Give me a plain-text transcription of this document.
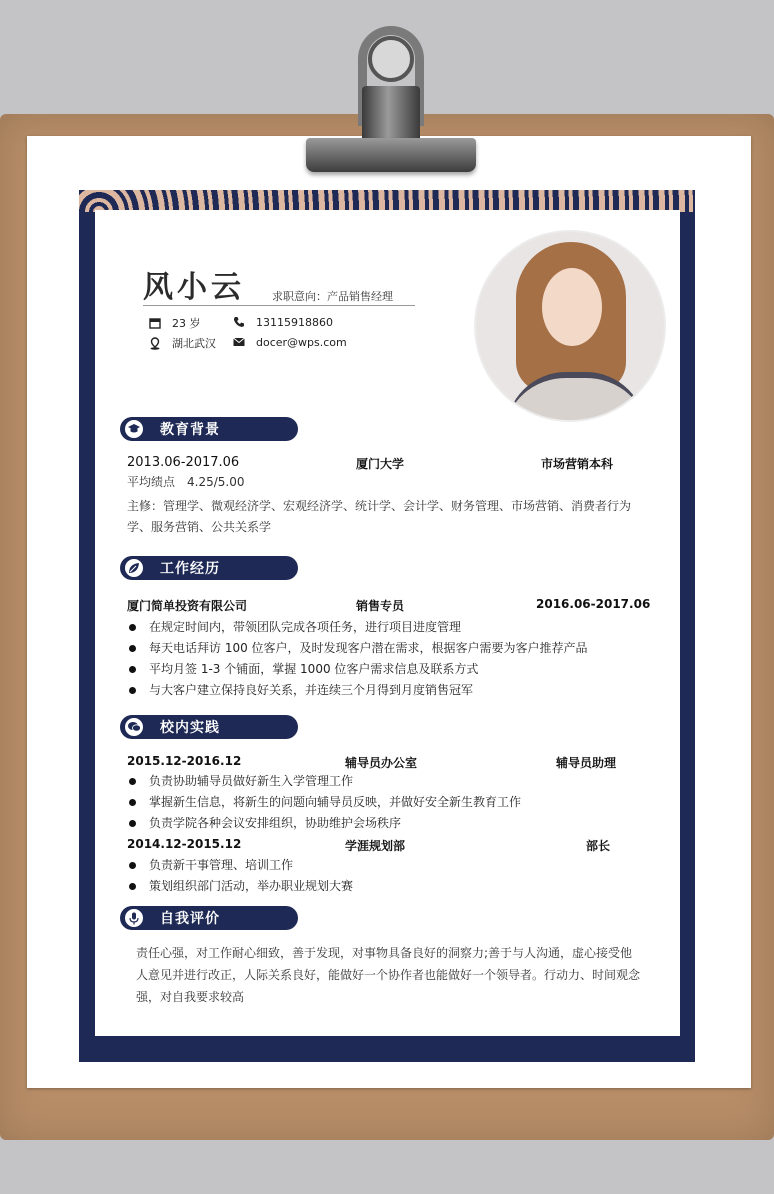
风小云 求职意向：产品销售经理
23 岁	13115918860
湖北武汉	docer@wps.com
教育背景
2013.06-2017.06	厦门大学	市场营销本科
平均绩点　4.25/5.00
主修：管理学、微观经济学、宏观经济学、统计学、会计学、财务管理、市场营销、消费者行为学、服务营销、公共关系学
工作经历
厦门简单投资有限公司	销售专员	2016.06-2017.06
在规定时间内，带领团队完成各项任务，进行项目进度管理
每天电话拜访 100 位客户，及时发现客户潜在需求，根据客户需要为客户推荐产品
平均月签 1-3 个铺面，掌握 1000 位客户需求信息及联系方式
与大客户建立保持良好关系，并连续三个月得到月度销售冠军
校内实践
2015.12-2016.12	辅导员办公室	辅导员助理
负责协助辅导员做好新生入学管理工作
掌握新生信息，将新生的问题向辅导员反映，并做好安全新生教育工作
负责学院各种会议安排组织，协助维护会场秩序
2014.12-2015.12	学涯规划部	部长
负责新干事管理、培训工作
策划组织部门活动，举办职业规划大赛
自我评价
责任心强，对工作耐心细致，善于发现，对事物具备良好的洞察力;善于与人沟通，虚心接受他人意见并进行改正，人际关系良好，能做好一个协作者也能做好一个领导者。行动力、时间观念强，对自我要求较高
